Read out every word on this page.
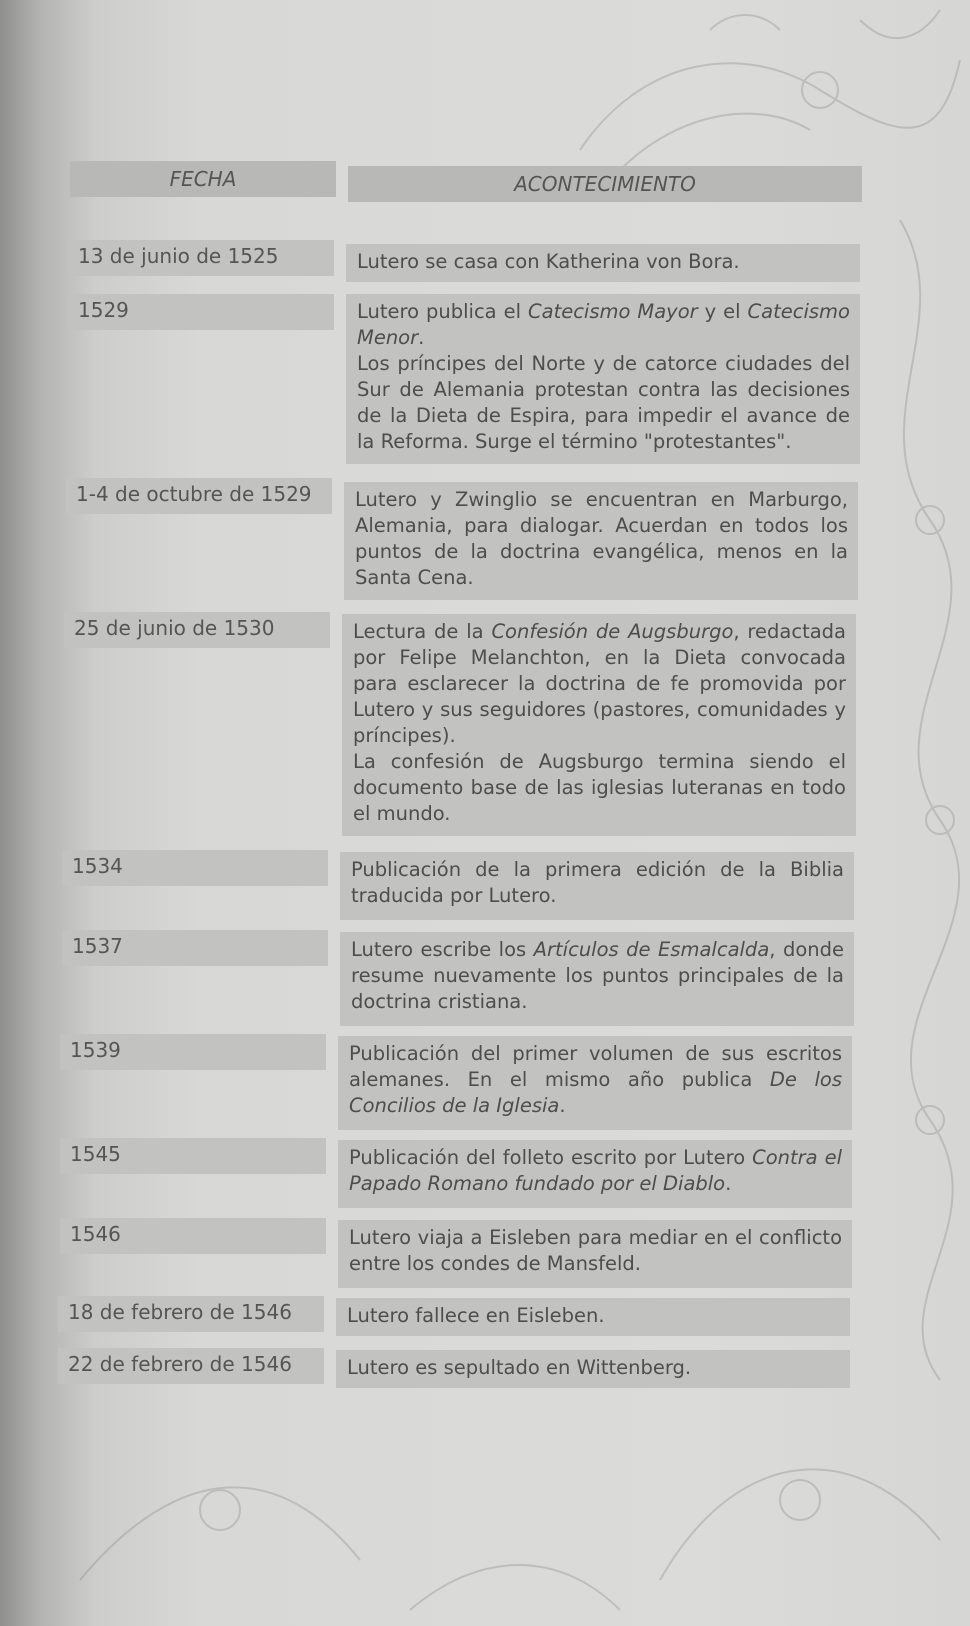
FECHA	ACONTECIMIENTO
13 de junio de 1525	Lutero se casa con Katherina von Bora.

1529	Lutero publica el Catecismo Mayor y el Catecismo Menor.

Los príncipes del Norte y de catorce ciudades del Sur de Alemania protestan contra las decisiones de la Dieta de Espira, para impedir el avance de la Reforma. Surge el término "protestantes".

1-4 de octubre de 1529	Lutero y Zwinglio se encuentran en Marburgo, Alemania, para dialogar. Acuerdan en todos los puntos de la doctrina evangélica, menos en la Santa Cena.

25 de junio de 1530	Lectura de la Confesión de Augsburgo, redactada por Felipe Melanchton, en la Dieta convocada para esclarecer la doctrina de fe promovida por Lutero y sus seguidores (pastores, comunidades y príncipes).

La confesión de Augsburgo termina siendo el documento base de las iglesias luteranas en todo el mundo.

1534	Publicación de la primera edición de la Biblia traducida por Lutero.

1537	Lutero escribe los Artículos de Esmalcalda, donde resume nuevamente los puntos principales de la doctrina cristiana.

1539	Publicación del primer volumen de sus escritos alemanes. En el mismo año publica De los Concilios de la Iglesia.

1545	Publicación del folleto escrito por Lutero Contra el Papado Romano fundado por el Diablo.

1546	Lutero viaja a Eisleben para mediar en el conflicto entre los condes de Mansfeld.

18 de febrero de 1546	Lutero fallece en Eisleben.

22 de febrero de 1546	Lutero es sepultado en Wittenberg.
